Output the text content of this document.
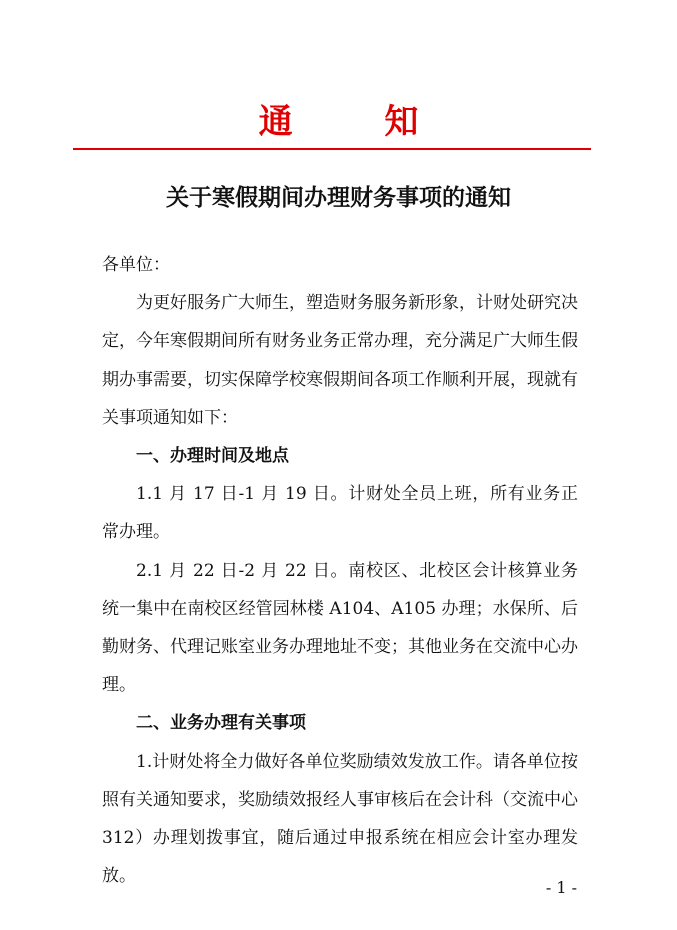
通 知
关于寒假期间办理财务事项的通知

各单位：

为更好服务广大师生，塑造财务服务新形象，计财处研究决定，今年寒假期间所有财务业务正常办理，充分满足广大师生假期办事需要，切实保障学校寒假期间各项工作顺利开展，现就有关事项通知如下：

一、办理时间及地点

1.1 月 17 日-1 月 19 日。计财处全员上班，所有业务正常办理。

2.1 月 22 日-2 月 22 日。南校区、北校区会计核算业务统一集中在南校区经管园林楼 A104、A105 办理；水保所、后勤财务、代理记账室业务办理地址不变；其他业务在交流中心办理。

二、业务办理有关事项

1.计财处将全力做好各单位奖励绩效发放工作。请各单位按照有关通知要求，奖励绩效报经人事审核后在会计科（交流中心 312）办理划拨事宜，随后通过申报系统在相应会计室办理发放。

- 1 -
